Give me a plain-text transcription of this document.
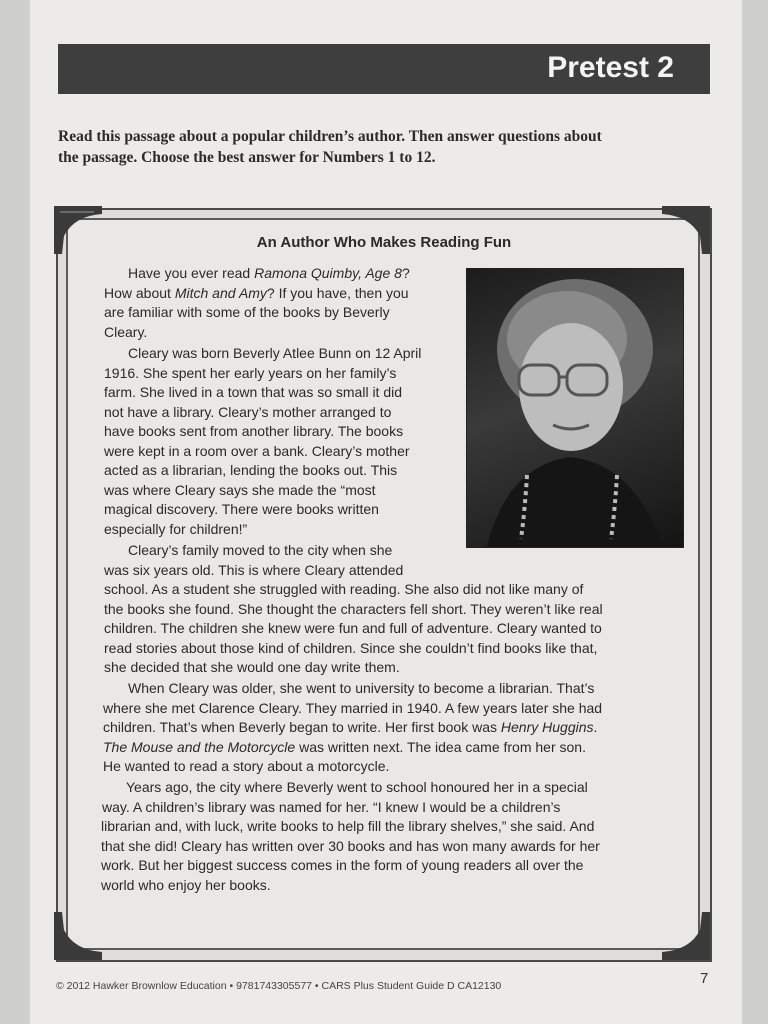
Pretest 2
Read this passage about a popular children’s author. Then answer questions about
the passage. Choose the best answer for Numbers 1 to 12.
An Author Who Makes Reading Fun
Have you ever read Ramona Quimby, Age 8?
How about Mitch and Amy? If you have, then you
are familiar with some of the books by Beverly
Cleary.
Cleary was born Beverly Atlee Bunn on 12 April
1916. She spent her early years on her family’s
farm. She lived in a town that was so small it did
not have a library. Cleary’s mother arranged to
have books sent from another library. The books
were kept in a room over a bank. Cleary’s mother
acted as a librarian, lending the books out. This
was where Cleary says she made the “most
magical discovery. There were books written
especially for children!”
Cleary’s family moved to the city when she
was six years old. This is where Cleary attended
school. As a student she struggled with reading. She also did not like many of
the books she found. She thought the characters fell short. They weren’t like real
children. The children she knew were fun and full of adventure. Cleary wanted to
read stories about those kind of children. Since she couldn’t find books like that,
she decided that she would one day write them.
When Cleary was older, she went to university to become a librarian. That’s
where she met Clarence Cleary. They married in 1940. A few years later she had
children. That’s when Beverly began to write. Her first book was Henry Huggins.
The Mouse and the Motorcycle was written next. The idea came from her son.
He wanted to read a story about a motorcycle.
Years ago, the city where Beverly went to school honoured her in a special
way. A children’s library was named for her. “I knew I would be a children’s
librarian and, with luck, write books to help fill the library shelves,” she said. And
that she did! Cleary has written over 30 books and has won many awards for her
work. But her biggest success comes in the form of young readers all over the
world who enjoy her books.
© 2012 Hawker Brownlow Education • 9781743305577 • CARS Plus Student Guide D CA12130	7
